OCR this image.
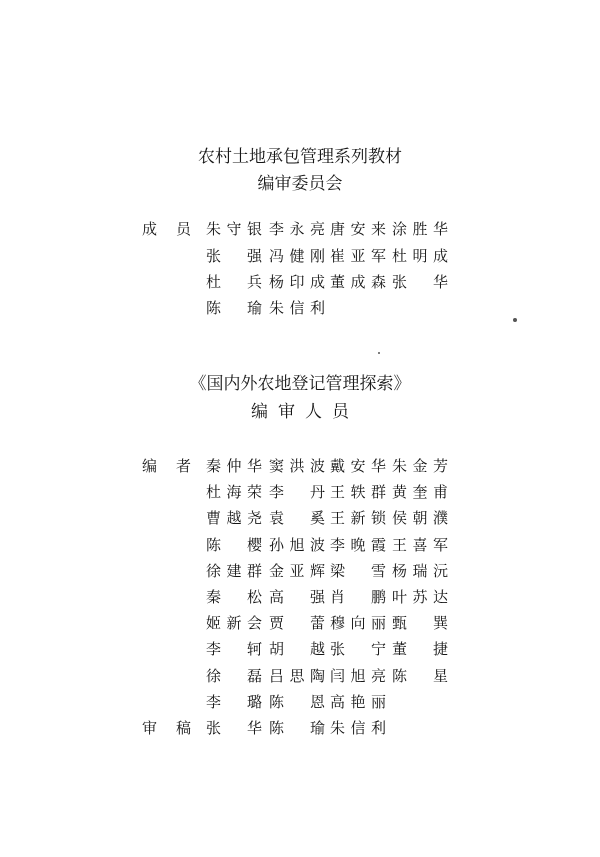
农村土地承包管理系列教材
编审委员会
成　员 朱守银 李永亮 唐安来 涂胜华
张　强 冯健刚 崔亚军 杜明成
杜　兵 杨印成 董成森 张　华
陈　瑜 朱信利
《国内外农地登记管理探索》
编审人员
编　者 秦仲华 窦洪波 戴安华 朱金芳
杜海荣 李　丹 王轶群 黄奎甫
曹越尧 袁　奚 王新锁 侯朝濮
陈　樱 孙旭波 李晚霞 王喜军
徐建群 金亚辉 梁　雪 杨瑞沅
秦　松 高　强 肖　鹏 叶苏达
姬新会 贾　蕾 穆向丽 甄　巽
李　轲 胡　越 张　宁 董　捷
徐　磊 吕思陶 闫旭亮 陈　星
李　璐 陈　恩 高艳丽
审　稿 张　华 陈　瑜 朱信利
